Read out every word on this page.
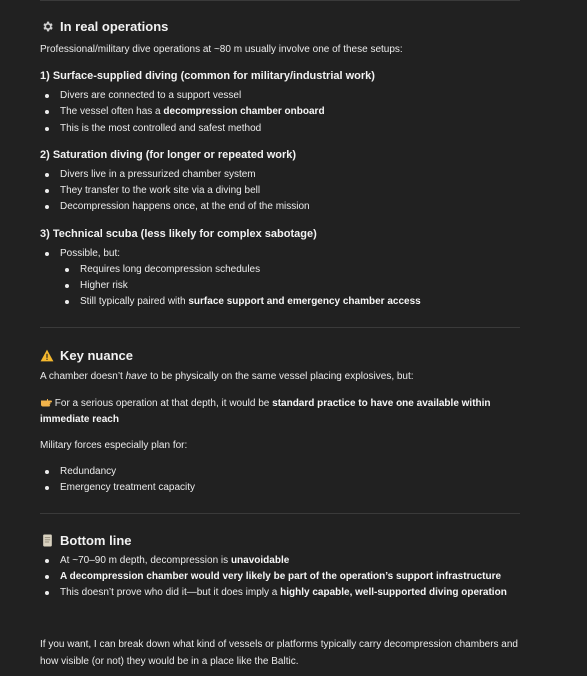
In real operations
Professional/military dive operations at ~80 m usually involve one of these setups:
1) Surface-supplied diving (common for military/industrial work)
Divers are connected to a support vessel
The vessel often has a decompression chamber onboard
This is the most controlled and safest method
2) Saturation diving (for longer or repeated work)
Divers live in a pressurized chamber system
They transfer to the work site via a diving bell
Decompression happens once, at the end of the mission
3) Technical scuba (less likely for complex sabotage)
Possible, but:
Requires long decompression schedules
Higher risk
Still typically paired with surface support and emergency chamber access
Key nuance
A chamber doesn’t have to be physically on the same vessel placing explosives, but:
For a serious operation at that depth, it would be standard practice to have one available within
immediate reach
Military forces especially plan for:
Redundancy
Emergency treatment capacity
Bottom line
At ~70–90 m depth, decompression is unavoidable
A decompression chamber would very likely be part of the operation’s support infrastructure
This doesn’t prove who did it—but it does imply a highly capable, well-supported diving operation
If you want, I can break down what kind of vessels or platforms typically carry decompression chambers and
how visible (or not) they would be in a place like the Baltic.
